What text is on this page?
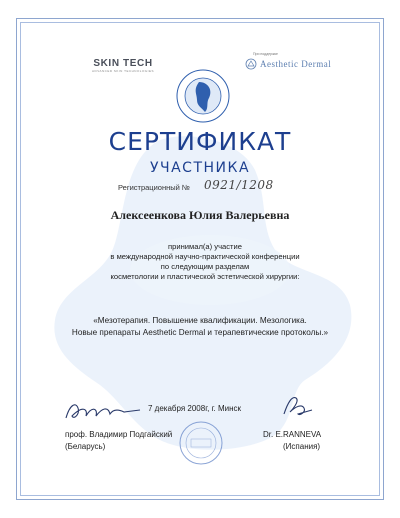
SKIN TECH
ADVANCED SKIN TECHNOLOGIES
При поддержке
Aesthetic Dermal
СЕРТИФИКАТ
УЧАСТНИКА
Регистрационный № 0921/1208
Алексеенкова Юлия Валерьевна
принимал(а) участие
в международной научно-практической конференции
по следующим разделам
косметологии и пластической эстетической хирургии:
«Мезотерапия. Повышение квалификации. Мезологика.
Новые препараты Aesthetic Dermal и терапевтические протоколы.»
7 декабря 2008г, г. Минск
проф. Владимир Подгайский
(Беларусь)
Dr. E.RANNEVA
(Испания)
